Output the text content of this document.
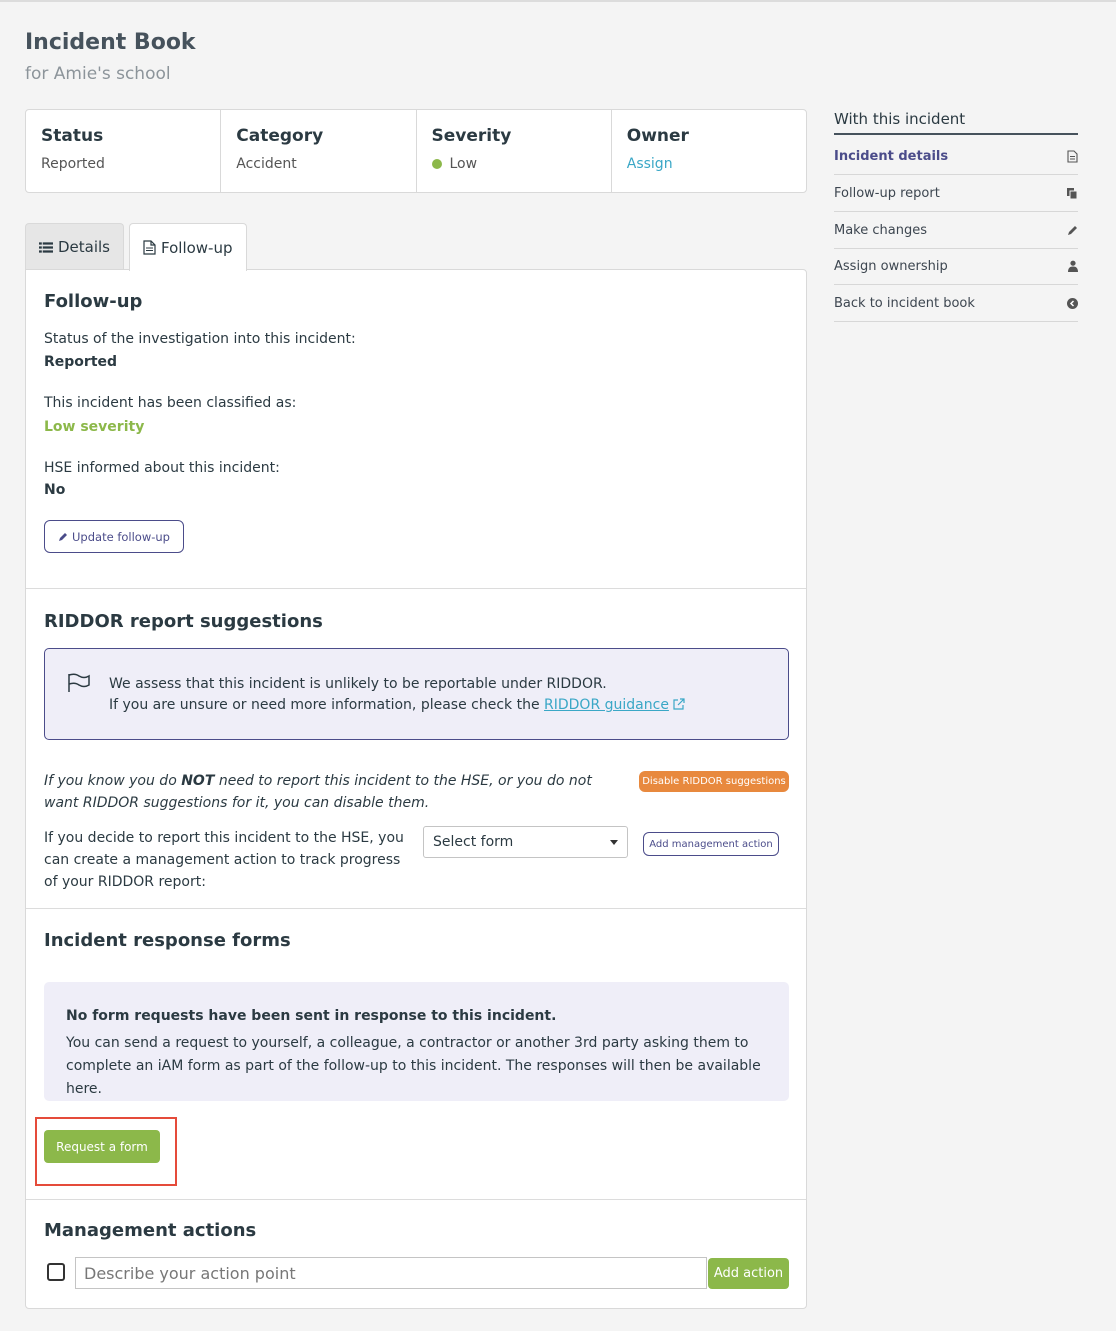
Incident Book
for Amie's school
Status
Reported
Category
Accident
Severity
Low
Owner
Assign
Details	Follow-up
Follow-up
Status of the investigation into this incident:
Reported
This incident has been classified as:
Low severity
HSE informed about this incident:
No
Update follow-up
RIDDOR report suggestions
We assess that this incident is unlikely to be reportable under RIDDOR.
If you are unsure or need more information, please check the RIDDOR guidance
If you know you do NOT need to report this incident to the HSE, or you do not want RIDDOR suggestions for it, you can disable them.
Disable RIDDOR suggestions
If you decide to report this incident to the HSE, you can create a management action to track progress of your RIDDOR report:
Select form	Add management action
Incident response forms
No form requests have been sent in response to this incident.
You can send a request to yourself, a colleague, a contractor or another 3rd party asking them to complete an iAM form as part of the follow-up to this incident. The responses will then be available here.
Request a form
Management actions
Describe your action point	Add action
With this incident
Incident details
Follow-up report
Make changes
Assign ownership
Back to incident book
